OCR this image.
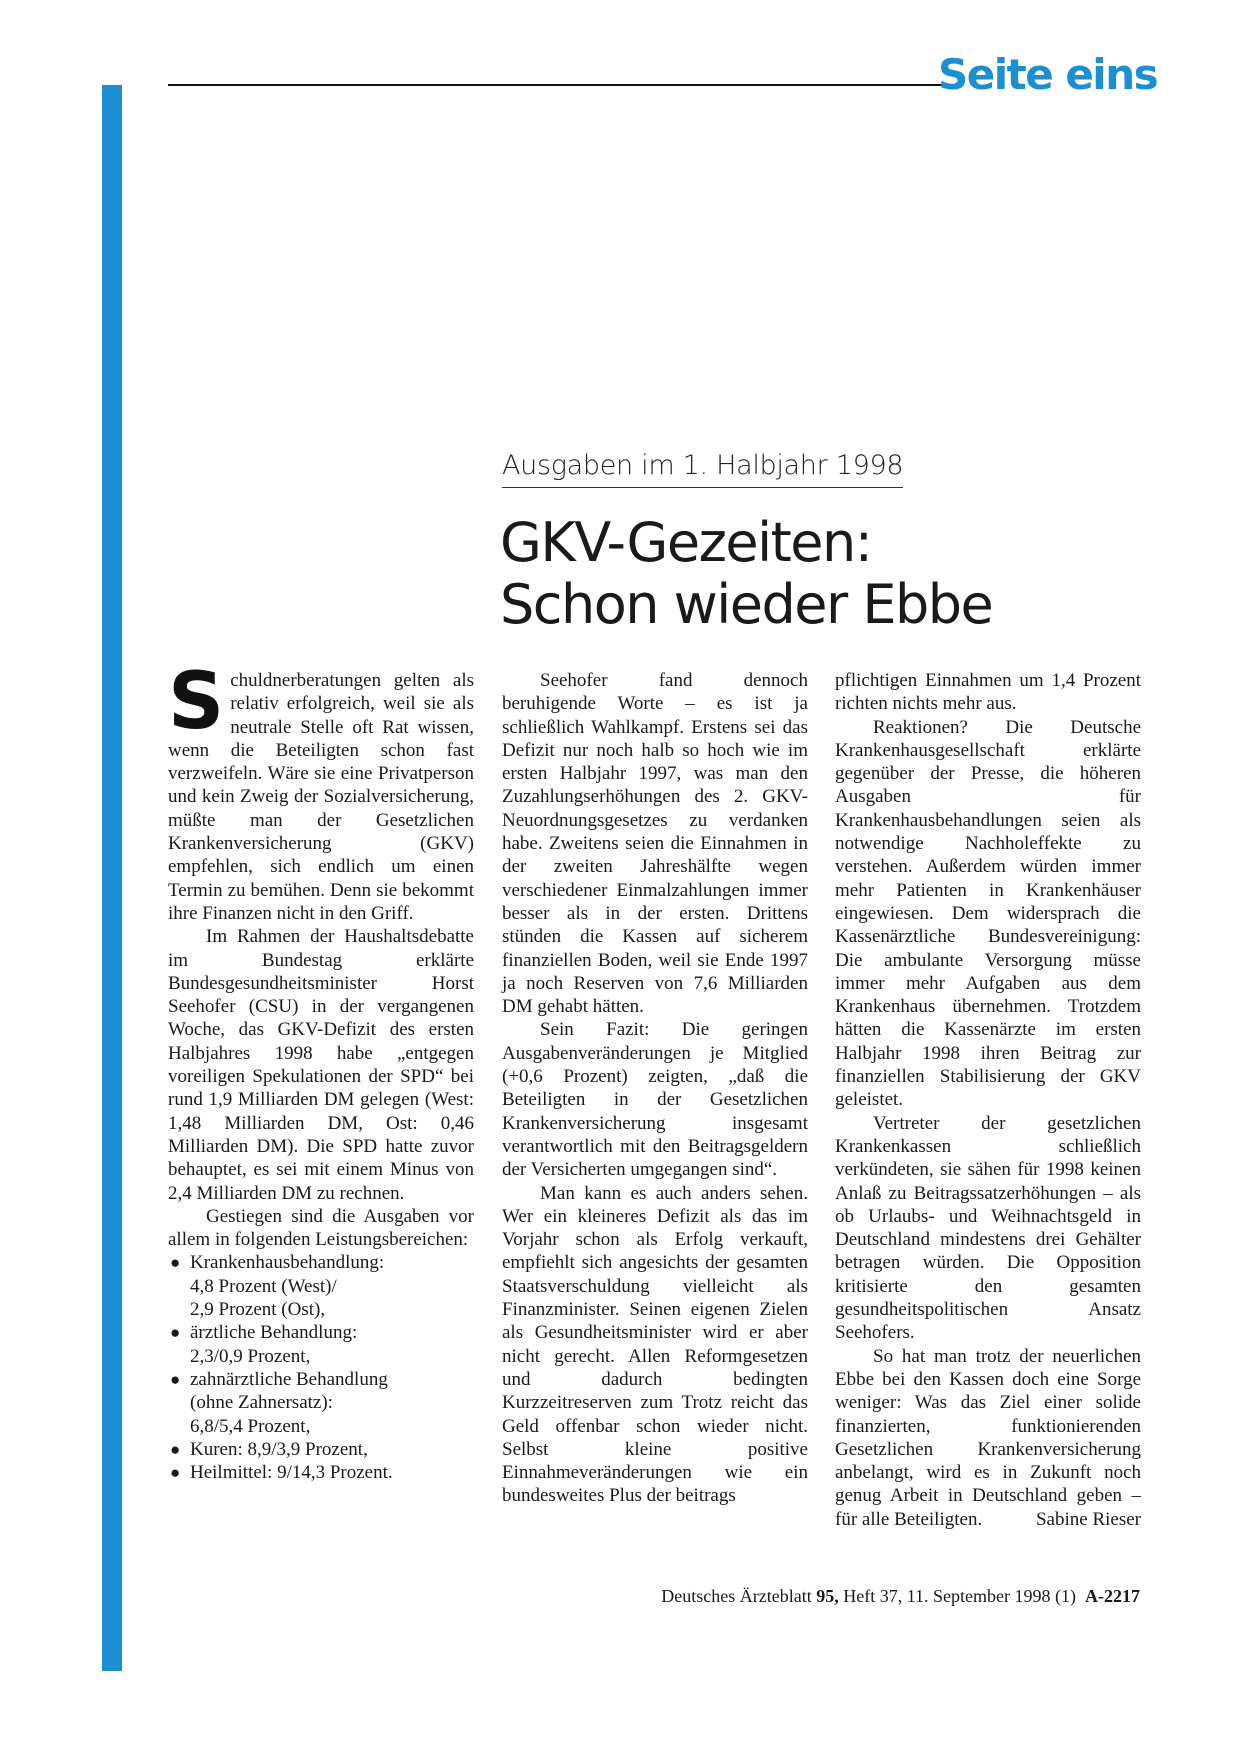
Seite eins
Ausgaben im 1. Halbjahr 1998
GKV-Gezeiten:
Schon wieder Ebbe

Schuldnerberatungen gelten als relativ erfolgreich, weil sie als neutrale Stelle oft Rat wissen, wenn die Beteiligten schon fast verzweifeln. Wäre sie eine Privatperson und kein Zweig der Sozialversicherung, müßte man der Gesetzlichen Krankenversicherung (GKV) empfehlen, sich endlich um einen Termin zu bemühen. Denn sie bekommt ihre Finanzen nicht in den Griff.

Im Rahmen der Haushaltsdebatte im Bundestag erklärte Bundesgesundheitsminister Horst Seehofer (CSU) in der vergangenen Woche, das GKV-Defizit des ersten Halbjahres 1998 habe „entgegen voreiligen Spekulationen der SPD“ bei rund 1,9 Milliarden DM gelegen (West: 1,48 Milliarden DM, Ost: 0,46 Milliarden DM). Die SPD hatte zuvor behauptet, es sei mit einem Minus von 2,4 Milliarden DM zu rechnen.

Gestiegen sind die Ausgaben vor allem in folgenden Leistungsbereichen:

● Krankenhausbehandlung:
4,8 Prozent (West)/
2,9 Prozent (Ost),
● ärztliche Behandlung:
2,3/0,9 Prozent,
● zahnärztliche Behandlung
(ohne Zahnersatz):
6,8/5,4 Prozent,
● Kuren: 8,9/3,9 Prozent,
● Heilmittel: 9/14,3 Prozent.

Seehofer fand dennoch beruhigende Worte – es ist ja schließlich Wahlkampf. Erstens sei das Defizit nur noch halb so hoch wie im ersten Halbjahr 1997, was man den Zuzahlungserhöhungen des 2. GKV-Neuordnungsgesetzes zu verdanken habe. Zweitens seien die Einnahmen in der zweiten Jahreshälfte wegen verschiedener Einmalzahlungen immer besser als in der ersten. Drittens stünden die Kassen auf sicherem finanziellen Boden, weil sie Ende 1997 ja noch Reserven von 7,6 Milliarden DM gehabt hätten.

Sein Fazit: Die geringen Ausgabenveränderungen je Mitglied (+0,6 Prozent) zeigten, „daß die Beteiligten in der Gesetzlichen Krankenversicherung insgesamt verantwortlich mit den Beitragsgeldern der Versicherten umgegangen sind“.

Man kann es auch anders sehen. Wer ein kleineres Defizit als das im Vorjahr schon als Erfolg verkauft, empfiehlt sich angesichts der gesamten Staatsverschuldung vielleicht als Finanzminister. Seinen eigenen Zielen als Gesundheitsminister wird er aber nicht gerecht. Allen Reformgesetzen und dadurch bedingten Kurzzeitreserven zum Trotz reicht das Geld offenbar schon wieder nicht. Selbst kleine positive Einnahmeveränderungen wie ein bundesweites Plus der beitrags

pflichtigen Einnahmen um 1,4 Prozent richten nichts mehr aus.

Reaktionen? Die Deutsche Krankenhausgesellschaft erklärte gegenüber der Presse, die höheren Ausgaben für Krankenhausbehandlungen seien als notwendige Nachholeffekte zu verstehen. Außerdem würden immer mehr Patienten in Krankenhäuser eingewiesen. Dem widersprach die Kassenärztliche Bundesvereinigung: Die ambulante Versorgung müsse immer mehr Aufgaben aus dem Krankenhaus übernehmen. Trotzdem hätten die Kassenärzte im ersten Halbjahr 1998 ihren Beitrag zur finanziellen Stabilisierung der GKV geleistet.

Vertreter der gesetzlichen Krankenkassen schließlich verkündeten, sie sähen für 1998 keinen Anlaß zu Beitragssatzerhöhungen – als ob Urlaubs- und Weihnachtsgeld in Deutschland mindestens drei Gehälter betragen würden. Die Opposition kritisierte den gesamten gesundheitspolitischen Ansatz Seehofers.

So hat man trotz der neuerlichen Ebbe bei den Kassen doch eine Sorge weniger: Was das Ziel einer solide finanzierten, funktionierenden Gesetzlichen Krankenversicherung anbelangt, wird es in Zukunft noch genug Arbeit in Deutschland geben – für alle Beteiligten.	Sabine Rieser

Deutsches Ärzteblatt 95, Heft 37, 11. September 1998 (1) A-2217
